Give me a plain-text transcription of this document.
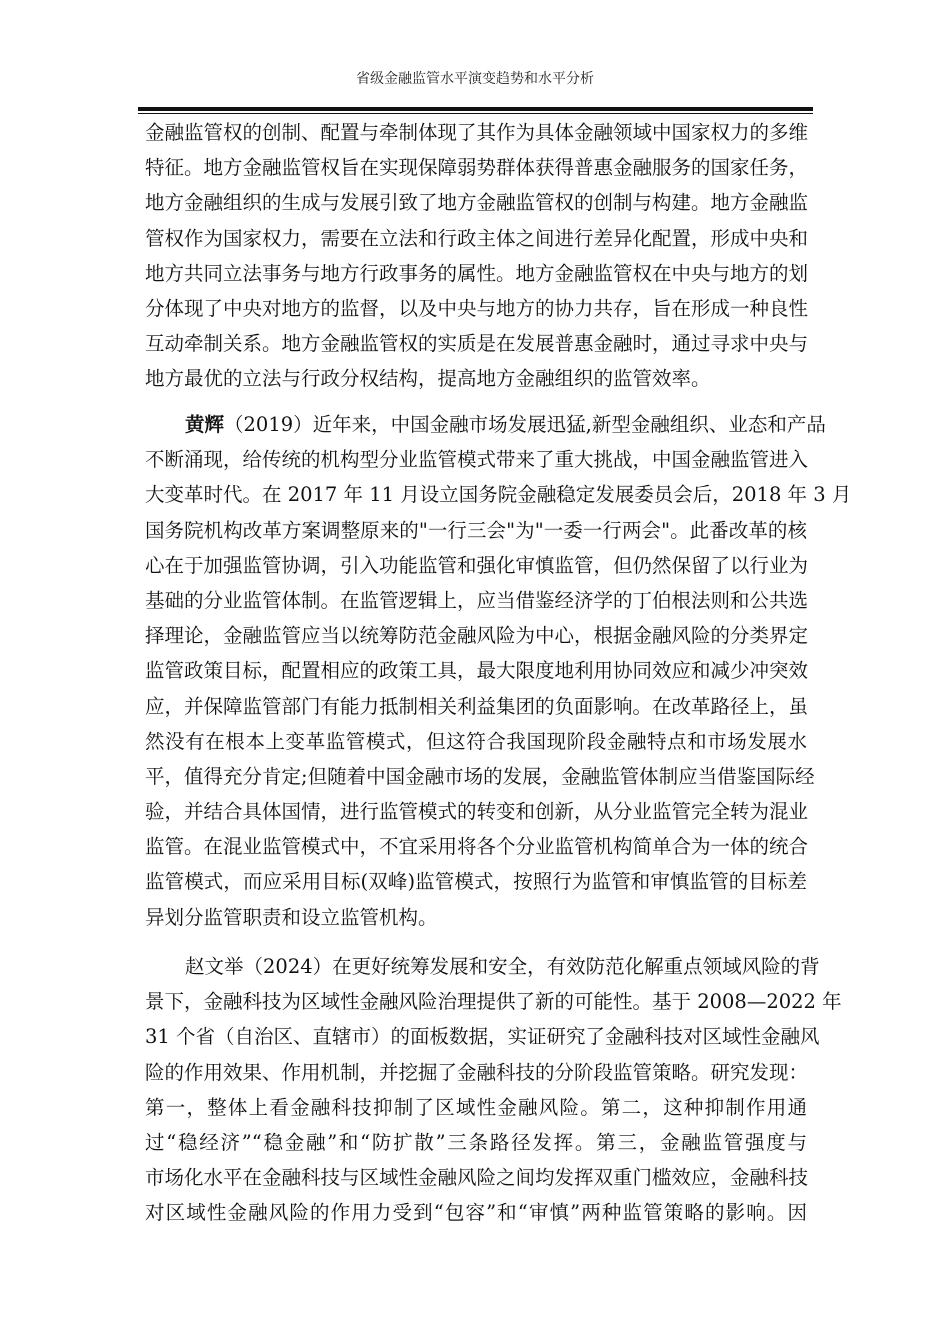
省级金融监管水平演变趋势和水平分析
金融监管权的创制、配置与牵制体现了其作为具体金融领域中国家权力的多维
特征。地方金融监管权旨在实现保障弱势群体获得普惠金融服务的国家任务，
地方金融组织的生成与发展引致了地方金融监管权的创制与构建。地方金融监
管权作为国家权力，需要在立法和行政主体之间进行差异化配置，形成中央和
地方共同立法事务与地方行政事务的属性。地方金融监管权在中央与地方的划
分体现了中央对地方的监督，以及中央与地方的协力共存，旨在形成一种良性
互动牵制关系。地方金融监管权的实质是在发展普惠金融时，通过寻求中央与
地方最优的立法与行政分权结构，提高地方金融组织的监管效率。
黄辉（2019）近年来，中国金融市场发展迅猛,新型金融组织、业态和产品
不断涌现，给传统的机构型分业监管模式带来了重大挑战，中国金融监管进入
大变革时代。在 2017 年 11 月设立国务院金融稳定发展委员会后，2018 年 3 月
国务院机构改革方案调整原来的"一行三会"为"一委一行两会"。此番改革的核
心在于加强监管协调，引入功能监管和强化审慎监管，但仍然保留了以行业为
基础的分业监管体制。在监管逻辑上，应当借鉴经济学的丁伯根法则和公共选
择理论，金融监管应当以统筹防范金融风险为中心，根据金融风险的分类界定
监管政策目标，配置相应的政策工具，最大限度地利用协同效应和减少冲突效
应，并保障监管部门有能力抵制相关利益集团的负面影响。在改革路径上，虽
然没有在根本上变革监管模式，但这符合我国现阶段金融特点和市场发展水
平，值得充分肯定;但随着中国金融市场的发展，金融监管体制应当借鉴国际经
验，并结合具体国情，进行监管模式的转变和创新，从分业监管完全转为混业
监管。在混业监管模式中，不宜采用将各个分业监管机构简单合为一体的统合
监管模式，而应采用目标(双峰)监管模式，按照行为监管和审慎监管的目标差
异划分监管职责和设立监管机构。
赵文举（2024）在更好统筹发展和安全，有效防范化解重点领域风险的背
景下，金融科技为区域性金融风险治理提供了新的可能性。基于 2008—2022 年
31 个省（自治区、直辖市）的面板数据，实证研究了金融科技对区域性金融风
险的作用效果、作用机制，并挖掘了金融科技的分阶段监管策略。研究发现：
第一，整体上看金融科技抑制了区域性金融风险。第二，这种抑制作用通
过“稳经济”“稳金融”和“防扩散”三条路径发挥。第三，金融监管强度与
市场化水平在金融科技与区域性金融风险之间均发挥双重门槛效应，金融科技
对区域性金融风险的作用力受到“包容”和“审慎”两种监管策略的影响。因
